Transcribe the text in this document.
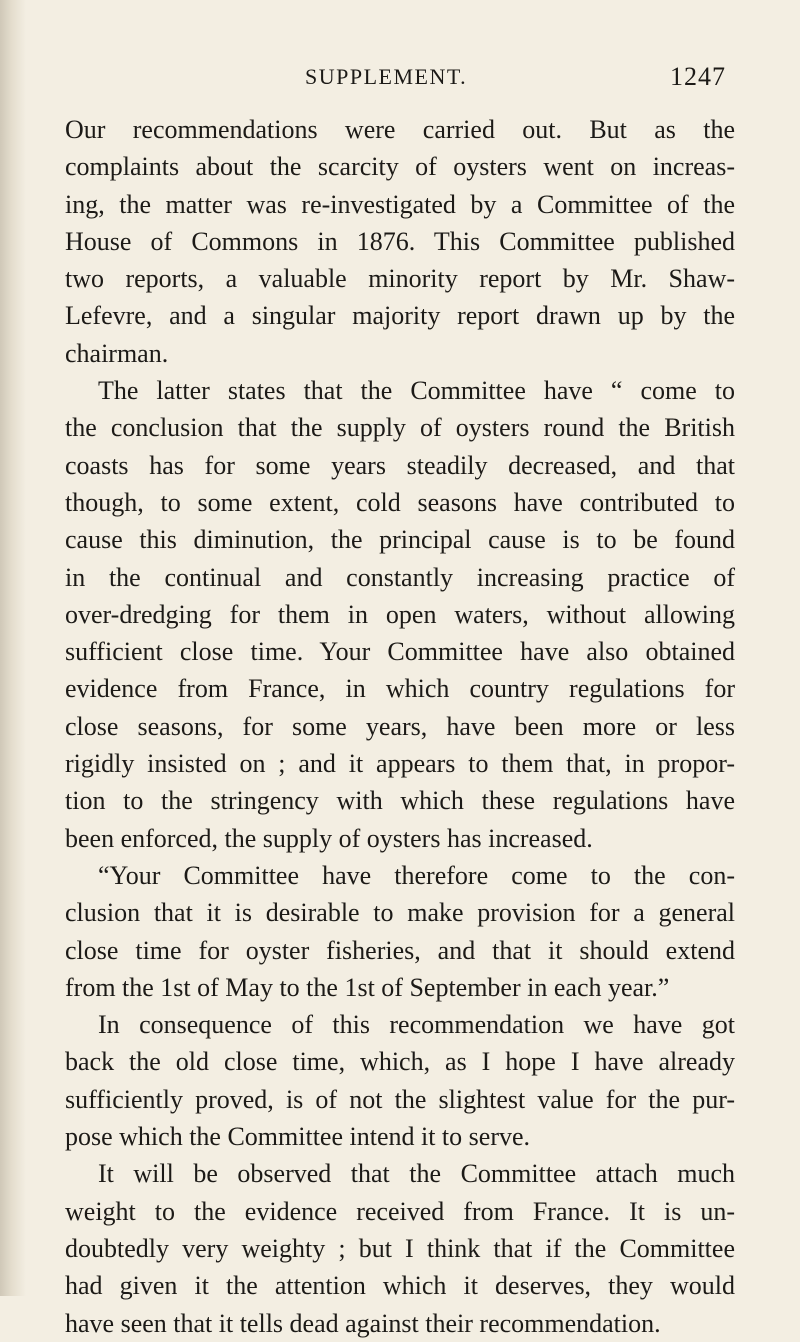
SUPPLEMENT.	1247
Our recommendations were carried out. But as the
complaints about the scarcity of oysters went on increas-
ing, the matter was re-investigated by a Committee of the
House of Commons in 1876. This Committee published
two reports, a valuable minority report by Mr. Shaw-
Lefevre, and a singular majority report drawn up by the
chairman.
The latter states that the Committee have “ come to
the conclusion that the supply of oysters round the British
coasts has for some years steadily decreased, and that
though, to some extent, cold seasons have contributed to
cause this diminution, the principal cause is to be found
in the continual and constantly increasing practice of
over-dredging for them in open waters, without allowing
sufficient close time. Your Committee have also obtained
evidence from France, in which country regulations for
close seasons, for some years, have been more or less
rigidly insisted on ; and it appears to them that, in propor-
tion to the stringency with which these regulations have
been enforced, the supply of oysters has increased.
“Your Committee have therefore come to the con-
clusion that it is desirable to make provision for a general
close time for oyster fisheries, and that it should extend
from the 1st of May to the 1st of September in each year.”
In consequence of this recommendation we have got
back the old close time, which, as I hope I have already
sufficiently proved, is of not the slightest value for the pur-
pose which the Committee intend it to serve.
It will be observed that the Committee attach much
weight to the evidence received from France. It is un-
doubtedly very weighty ; but I think that if the Committee
had given it the attention which it deserves, they would
have seen that it tells dead against their recommendation.
